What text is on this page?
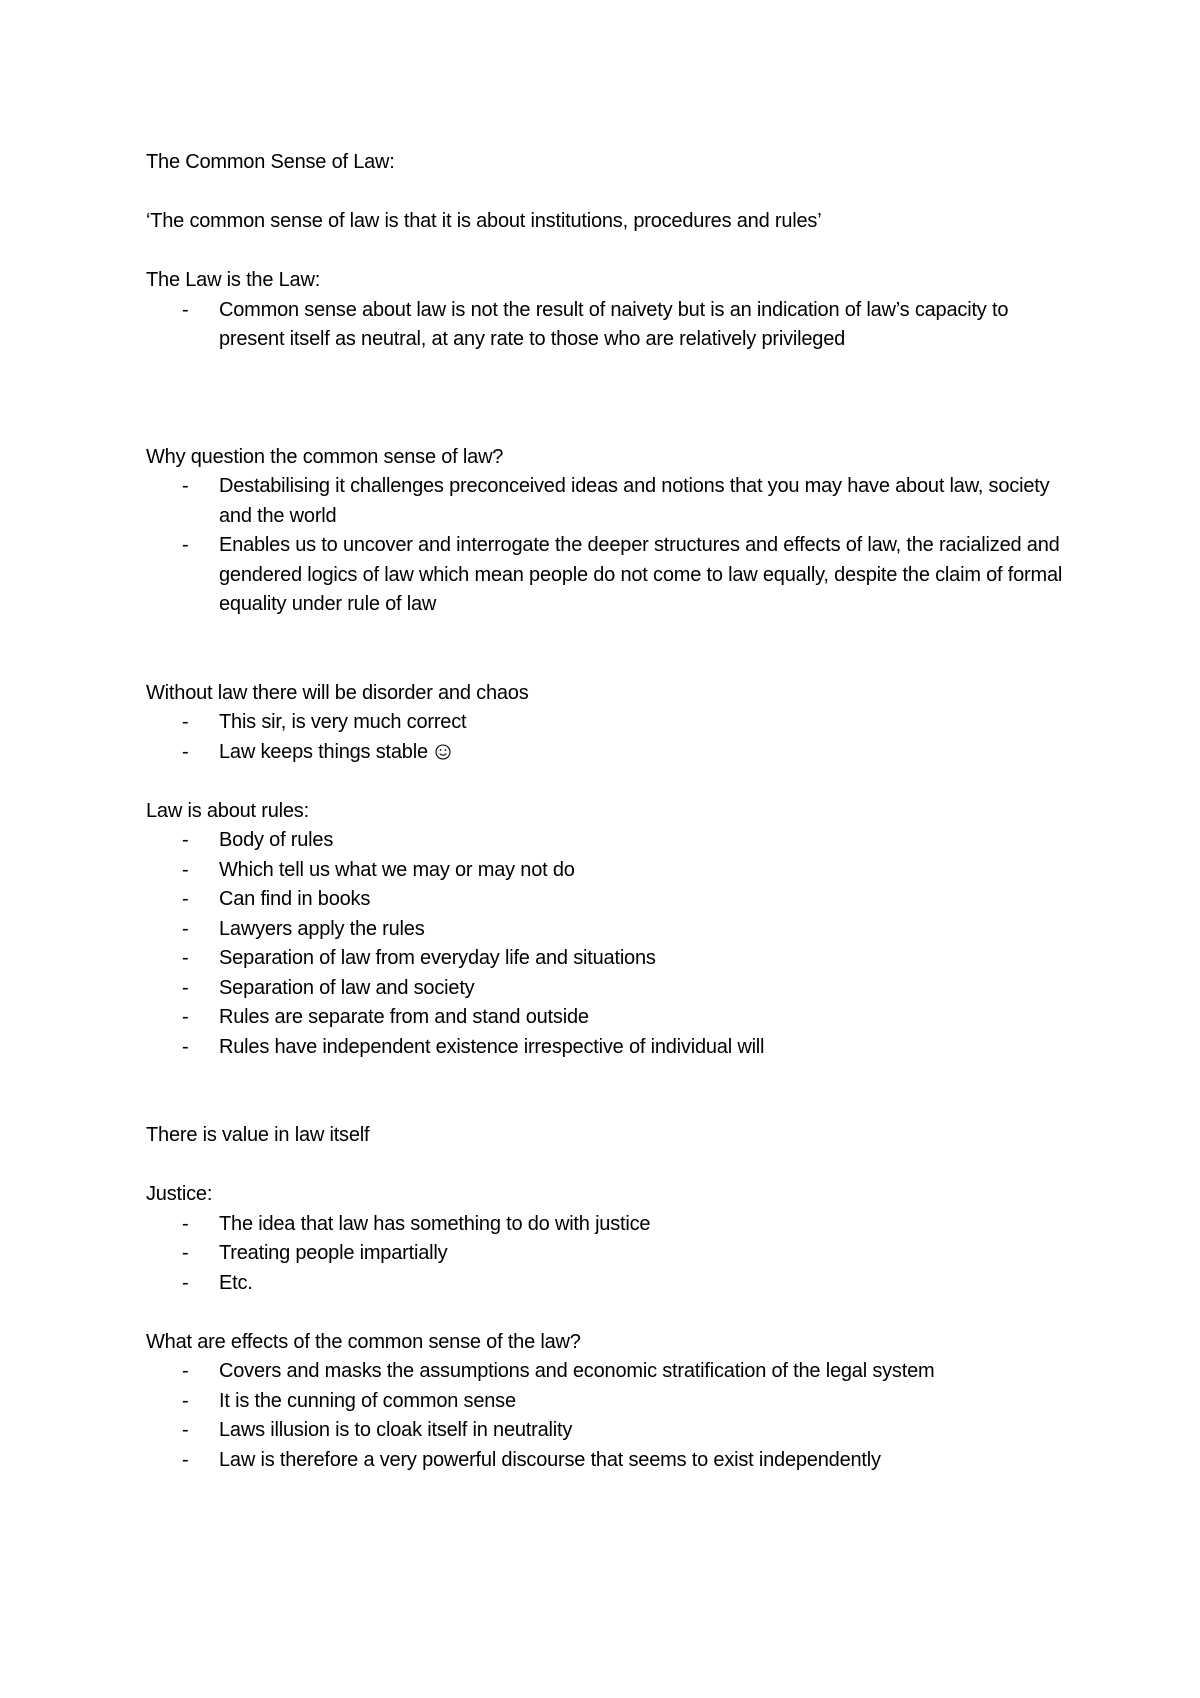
The Common Sense of Law:

‘The common sense of law is that it is about institutions, procedures and rules’

The Law is the Law:

- Common sense about law is not the result of naivety but is an indication of law’s capacity to present itself as neutral, at any rate to those who are relatively privileged

Why question the common sense of law?

- Destabilising it challenges preconceived ideas and notions that you may have about law, society and the world
- Enables us to uncover and interrogate the deeper structures and effects of law, the racialized and gendered logics of law which mean people do not come to law equally, despite the claim of formal equality under rule of law

Without law there will be disorder and chaos

- This sir, is very much correct
- Law keeps things stable

Law is about rules:

- Body of rules
- Which tell us what we may or may not do
- Can find in books
- Lawyers apply the rules
- Separation of law from everyday life and situations
- Separation of law and society
- Rules are separate from and stand outside
- Rules have independent existence irrespective of individual will

There is value in law itself

Justice:

- The idea that law has something to do with justice
- Treating people impartially
- Etc.

What are effects of the common sense of the law?

- Covers and masks the assumptions and economic stratification of the legal system
- It is the cunning of common sense
- Laws illusion is to cloak itself in neutrality
- Law is therefore a very powerful discourse that seems to exist independently
